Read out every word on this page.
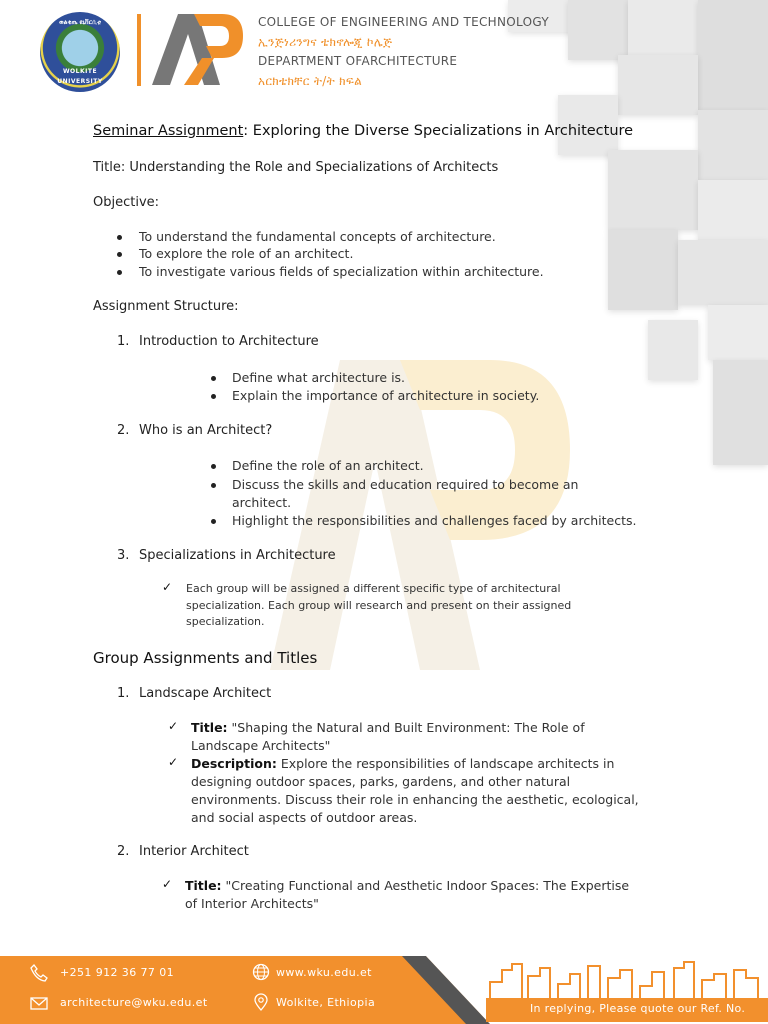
ወልቂጤ ዩኒቨርሲቲ
WOLKITE UNIVERSITY
COLLEGE OF ENGINEERING AND TECHNOLOGY
ኢንጅነሪንግና ቴክኖሎጂ ኮሌጅ
DEPARTMENT OFARCHITECTURE
አርክቴክቸር ት/ት ክፍል
Seminar Assignment: Exploring the Diverse Specializations in Architecture
Title: Understanding the Role and Specializations of Architects
Objective:
To understand the fundamental concepts of architecture.
To explore the role of an architect.
To investigate various fields of specialization within architecture.
Assignment Structure:
1. Introduction to Architecture
Define what architecture is.
Explain the importance of architecture in society.
2. Who is an Architect?
Define the role of an architect.
Discuss the skills and education required to become an
architect.
Highlight the responsibilities and challenges faced by architects.
3. Specializations in Architecture
✓ Each group will be assigned a different specific type of architectural
specialization. Each group will research and present on their assigned
specialization.
Group Assignments and Titles
1. Landscape Architect
✓ Title: "Shaping the Natural and Built Environment: The Role of
Landscape Architects"
✓ Description: Explore the responsibilities of landscape architects in
designing outdoor spaces, parks, gardens, and other natural
environments. Discuss their role in enhancing the aesthetic, ecological,
and social aspects of outdoor areas.
2. Interior Architect
✓ Title: "Creating Functional and Aesthetic Indoor Spaces: The Expertise
of Interior Architects"
In replying, Please quote our Ref. No.
+251 912 36 77 01
architecture@wku.edu.et
www.wku.edu.et
Wolkite, Ethiopia
